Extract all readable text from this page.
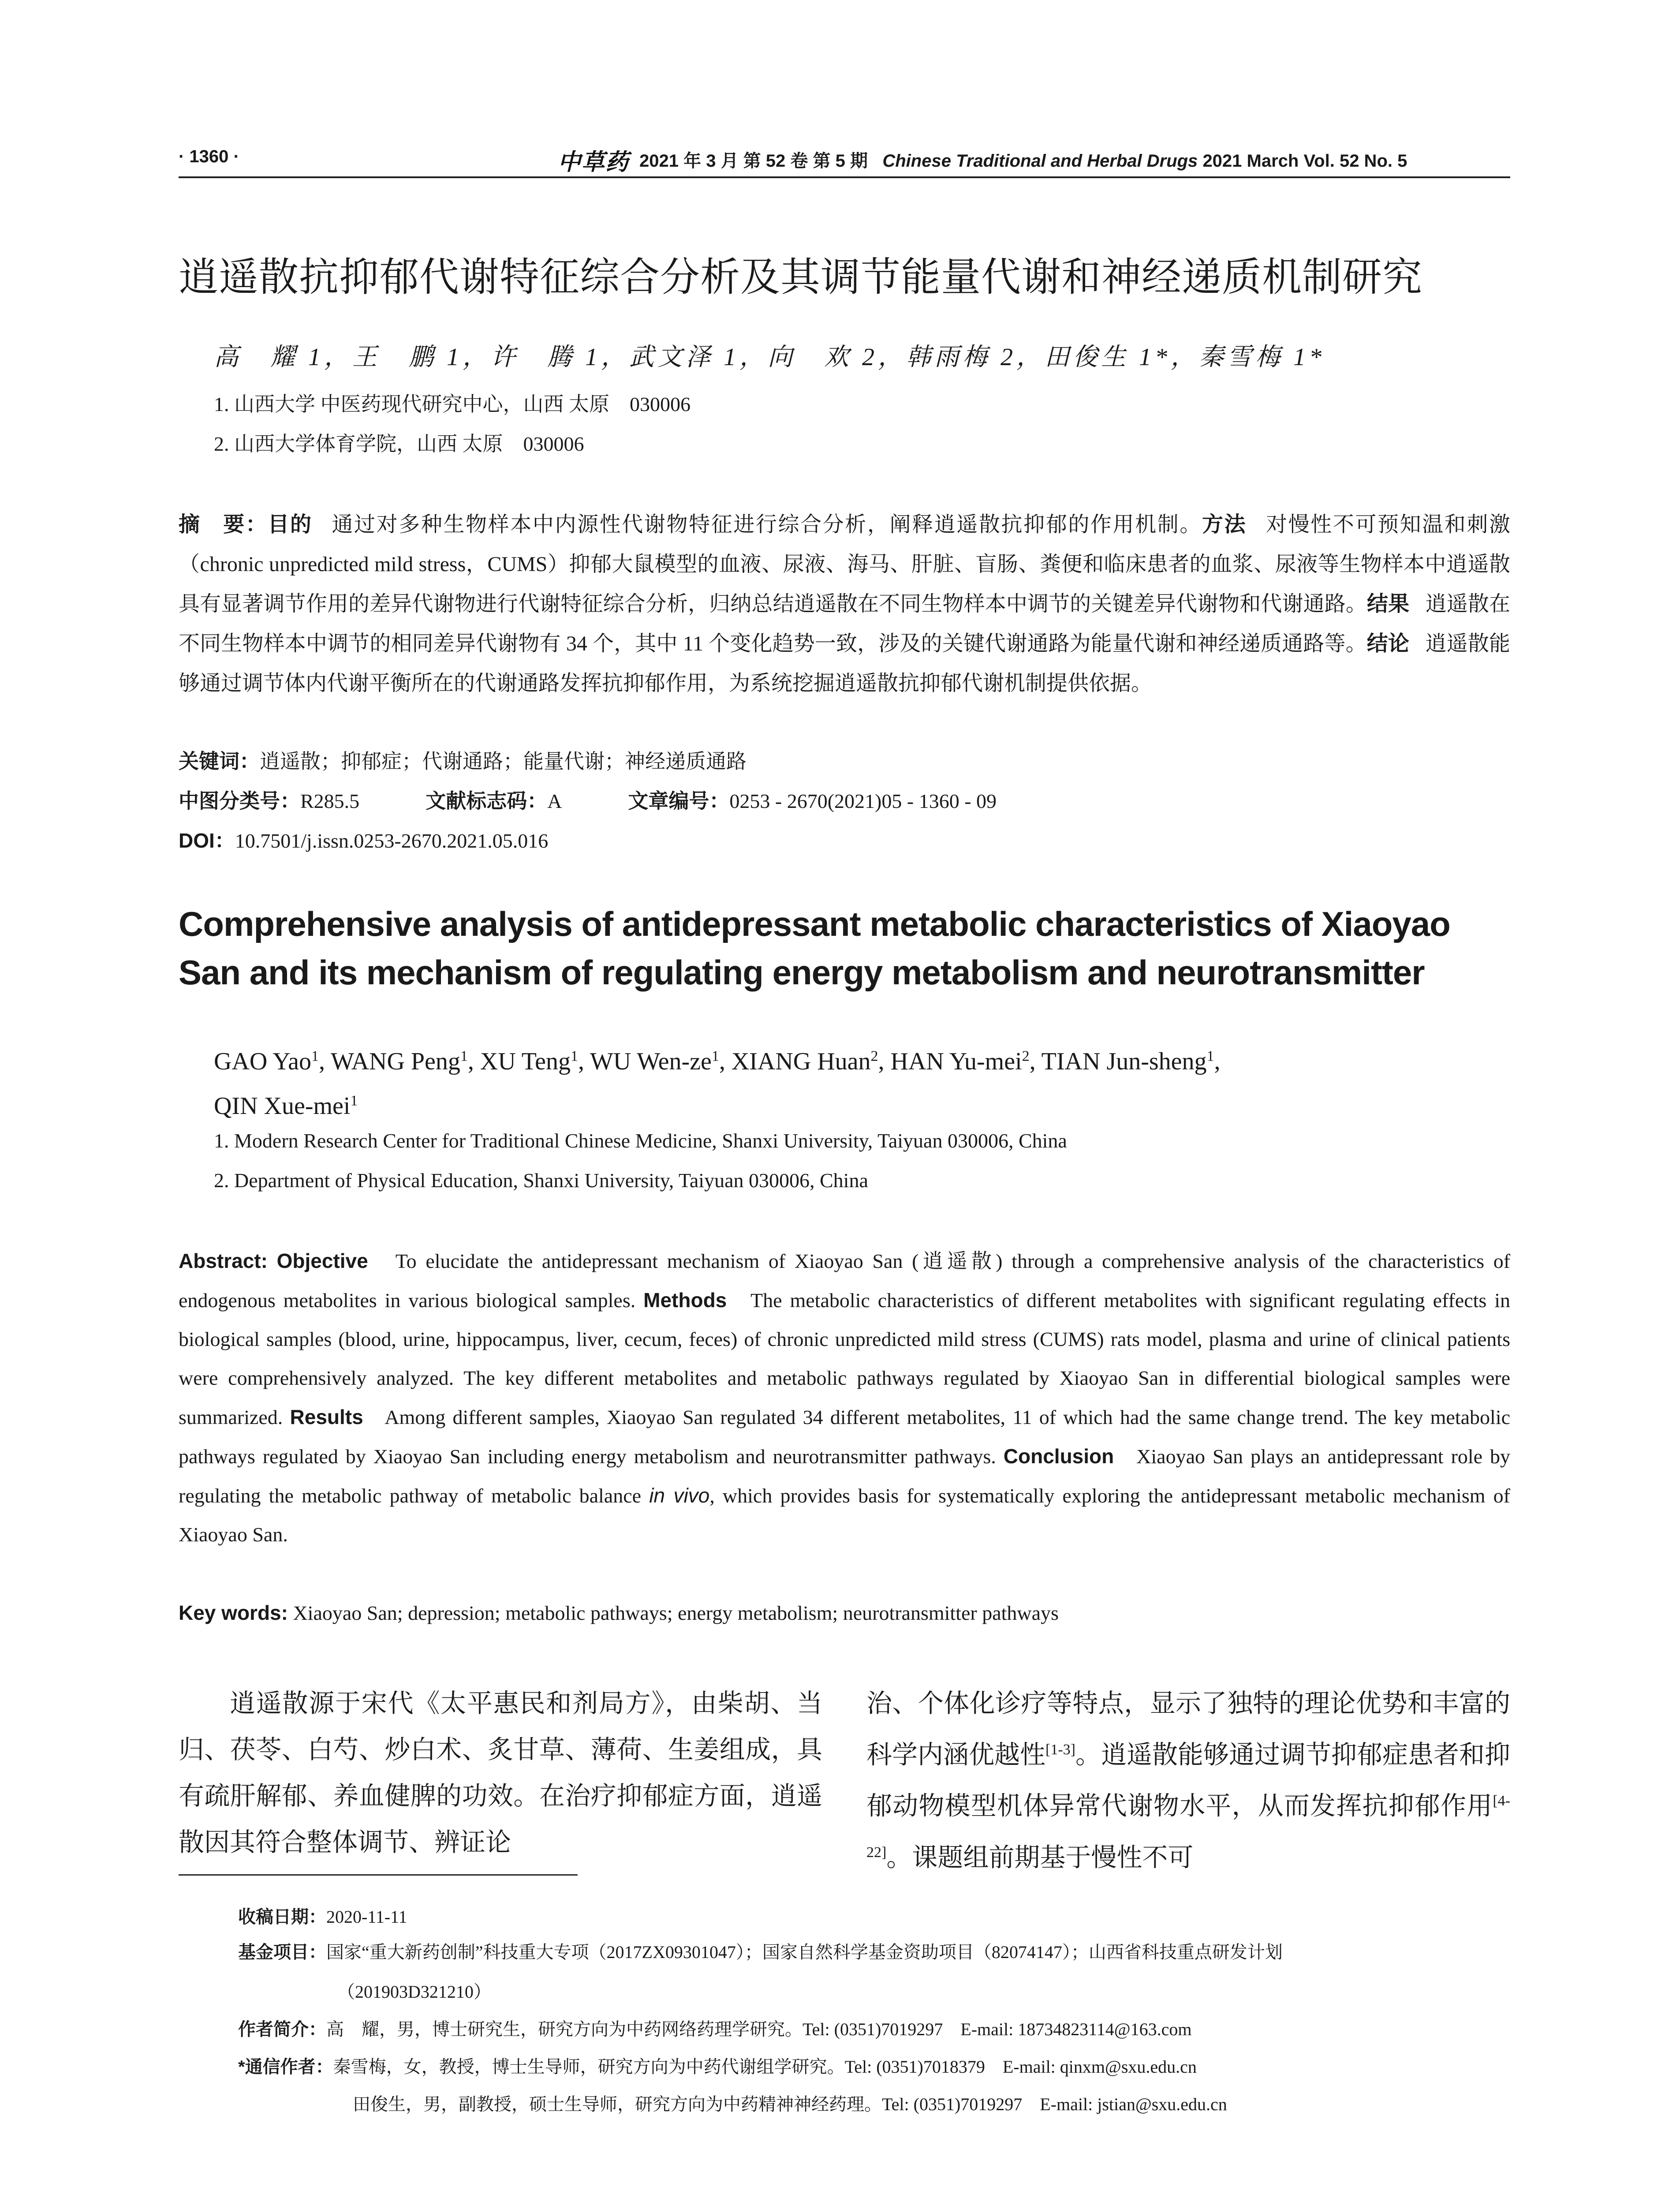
· 1360 ·	中草药 2021 年 3 月 第 52 卷 第 5 期 Chinese Traditional and Herbal Drugs 2021 March Vol. 52 No. 5
逍遥散抗抑郁代谢特征综合分析及其调节能量代谢和神经递质机制研究
高　耀 1，王　鹏 1，许　腾 1，武文泽 1，向　欢 2，韩雨梅 2，田俊生 1*，秦雪梅 1*
1. 山西大学 中医药现代研究中心，山西 太原　030006
2. 山西大学体育学院，山西 太原　030006
摘　要：目的 通过对多种生物样本中内源性代谢物特征进行综合分析，阐释逍遥散抗抑郁的作用机制。方法 对慢性不可预知温和刺激（chronic unpredicted mild stress，CUMS）抑郁大鼠模型的血液、尿液、海马、肝脏、盲肠、粪便和临床患者的血浆、尿液等生物样本中逍遥散具有显著调节作用的差异代谢物进行代谢特征综合分析，归纳总结逍遥散在不同生物样本中调节的关键差异代谢物和代谢通路。结果 逍遥散在不同生物样本中调节的相同差异代谢物有 34 个，其中 11 个变化趋势一致，涉及的关键代谢通路为能量代谢和神经递质通路等。结论 逍遥散能够通过调节体内代谢平衡所在的代谢通路发挥抗抑郁作用，为系统挖掘逍遥散抗抑郁代谢机制提供依据。
关键词：逍遥散；抑郁症；代谢通路；能量代谢；神经递质通路
中图分类号：R285.5	文献标志码：A	文章编号：0253 - 2670(2021)05 - 1360 - 09
DOI：10.7501/j.issn.0253-2670.2021.05.016
Comprehensive analysis of antidepressant metabolic characteristics of Xiaoyao San and its mechanism of regulating energy metabolism and neurotransmitter
GAO Yao$^1$, WANG Peng$^1$, XU Teng$^1$, WU Wen-$ze^1$, XIANG Huan$^2$, HAN Yu-mei$^2$, TIAN Jun-sheng$^1$,
QIN Xue-mei$^1$
1. Modern Research Center for Traditional Chinese Medicine, Shanxi University, Taiyuan 030006, China
2. Department of Physical Education, Shanxi University, Taiyuan 030006, China
Abstract: Objective To elucidate the antidepressant mechanism of Xiaoyao San (逍遥散) through a comprehensive analysis of the characteristics of endogenous metabolites in various biological samples. Methods The metabolic characteristics of different metabolites with significant regulating effects in biological samples (blood, urine, hippocampus, liver, cecum, feces) of chronic unpredicted mild stress (CUMS) rats model, plasma and urine of clinical patients were comprehensively analyzed. The key different metabolites and metabolic pathways regulated by Xiaoyao San in differential biological samples were summarized. Results Among different samples, Xiaoyao San regulated 34 different metabolites, 11 of which had the same change trend. The key metabolic pathways regulated by Xiaoyao San including energy metabolism and neurotransmitter pathways. Conclusion Xiaoyao San plays an antidepressant role by regulating the metabolic pathway of metabolic balance in vivo, which provides basis for systematically exploring the antidepressant metabolic mechanism of Xiaoyao San.
Key words: Xiaoyao San; depression; metabolic pathways; energy metabolism; neurotransmitter pathways
逍遥散源于宋代《太平惠民和剂局方》，由柴胡、当归、茯苓、白芍、炒白术、炙甘草、薄荷、生姜组成，具有疏肝解郁、养血健脾的功效。在治疗抑郁症方面，逍遥散因其符合整体调节、辨证论
治、个体化诊疗等特点，显示了独特的理论优势和丰富的科学内涵优越性[1-3]。逍遥散能够通过调节抑郁症患者和抑郁动物模型机体异常代谢物水平，从而发挥抗抑郁作用[4-22]。课题组前期基于慢性不可
收稿日期：2020-11-11
基金项目：国家“重大新药创制”科技重大专项（2017ZX09301047）；国家自然科学基金资助项目（82074147）；山西省科技重点研发计划
（201903D321210）
作者简介：高　耀，男，博士研究生，研究方向为中药网络药理学研究。Tel: (0351)7019297　E-mail: 18734823114@163.com
*通信作者：秦雪梅，女，教授，博士生导师，研究方向为中药代谢组学研究。Tel: (0351)7018379　E-mail: qinxm@sxu.edu.cn
田俊生，男，副教授，硕士生导师，研究方向为中药精神神经药理。Tel: (0351)7019297　E-mail: jstian@sxu.edu.cn
